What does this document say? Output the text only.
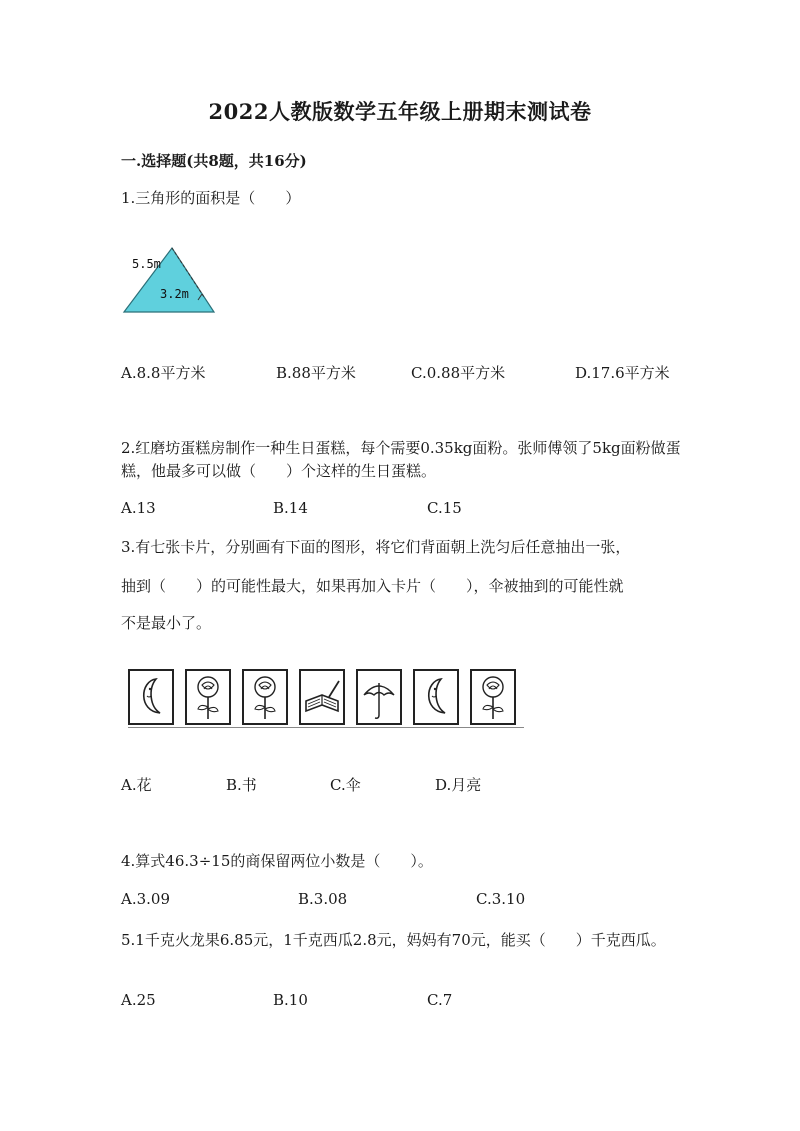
2022人教版数学五年级上册期末测试卷
一.选择题(共8题，共16分)
1.三角形的面积是（　　）
5.5m
3.2m
A.8.8平方米	B.88平方米	C.0.88平方米	D.17.6平方米
2.红磨坊蛋糕房制作一种生日蛋糕，每个需要0.35kg面粉。张师傅领了5kg面粉做蛋糕，他最多可以做（　　）个这样的生日蛋糕。
A.13	B.14	C.15
3.有七张卡片，分别画有下面的图形，将它们背面朝上洗匀后任意抽出一张，
抽到（　　）的可能性最大，如果再加入卡片（　　），伞被抽到的可能性就
不是最小了。
A.花	B.书	C.伞	D.月亮
4.算式46.3÷15的商保留两位小数是（　　）。
A.3.09	B.3.08	C.3.10
5.1千克火龙果6.85元，1千克西瓜2.8元，妈妈有70元，能买（　　）千克西瓜。
A.25	B.10	C.7
